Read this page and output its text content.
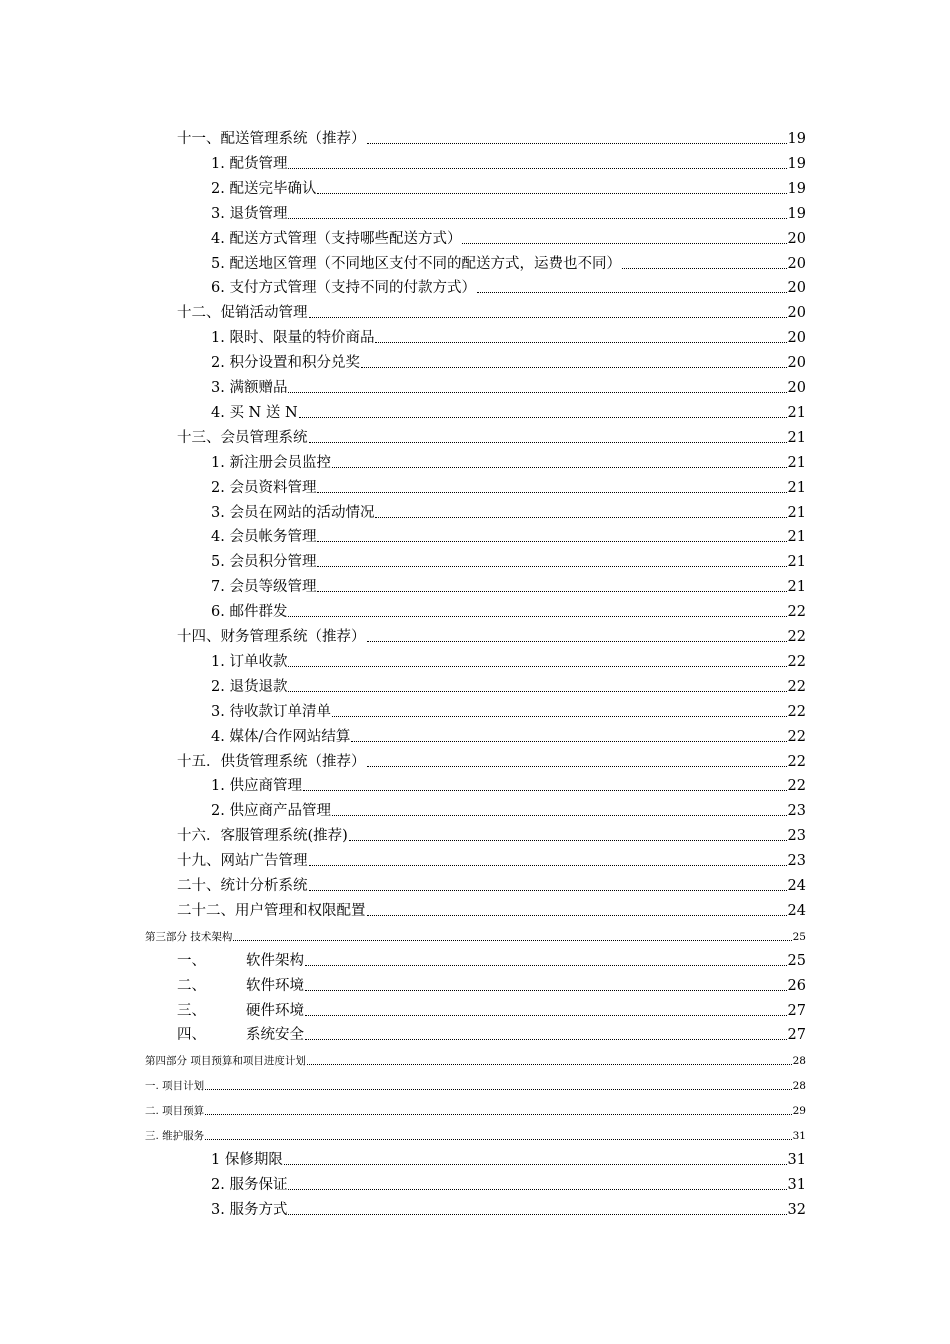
十一、配送管理系统（推荐）	19
1. 配货管理	19
2. 配送完毕确认	19
3. 退货管理	19
4. 配送方式管理（支持哪些配送方式）	20
5. 配送地区管理（不同地区支付不同的配送方式，运费也不同）	20
6. 支付方式管理（支持不同的付款方式）	20
十二、促销活动管理	20
1. 限时、限量的特价商品	20
2. 积分设置和积分兑奖	20
3. 满额赠品	20
4. 买 N 送 N	21
十三、会员管理系统	21
1. 新注册会员监控	21
2. 会员资料管理	21
3. 会员在网站的活动情况	21
4. 会员帐务管理	21
5. 会员积分管理	21
7. 会员等级管理	21
6. 邮件群发	22
十四、财务管理系统（推荐）	22
1. 订单收款	22
2. 退货退款	22
3. 待收款订单清单	22
4. 媒体/合作网站结算	22
十五．供货管理系统（推荐）	22
1. 供应商管理	22
2. 供应商产品管理	23
十六．客服管理系统(推荐)	23
十九、网站广告管理	23
二十、统计分析系统	24
二十二、用户管理和权限配置	24
第三部分 技术架构	25
一、	软件架构	25
二、	软件环境	26
三、	硬件环境	27
四、	系统安全	27
第四部分 项目预算和项目进度计划	28
一. 项目计划	28
二. 项目预算	29
三. 维护服务	31
1 保修期限	31
2. 服务保证	31
3. 服务方式	32
